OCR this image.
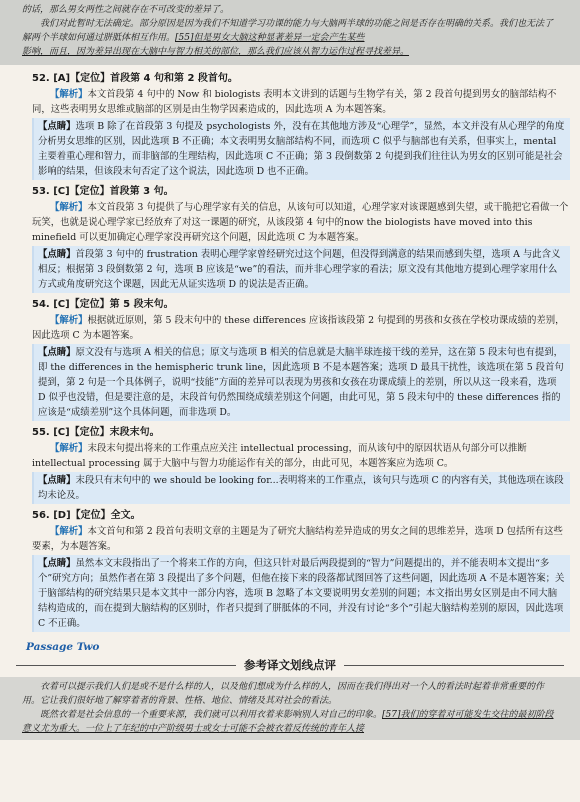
的话，那么男女两性之间就存在不可改变的差异了。

我们对此暂时无法确定。部分原因是因为我们不知道学习功课的能力与大脑两半球的功能之间是否存在明确的关系。我们也无法了解两个半球如何通过胼胝体相互作用。[55]但是男女大脑这种显著差异一定会产生某些

影响，而且，因为差异出现在大脑中与智力相关的部位，那么我们应该从智力运作过程寻找差异。

52. [A]【定位】首段第 4 句和第 2 段首句。
【解析】本文首段第 4 句中的 Now 和 biologists 表明本文讲到的话题与生物学有关，第 2 段首句提到男女的脑部结构不同，这些表明男女思维或脑部的区别是由生物学因素造成的，因此选项 A 为本题答案。
【点睛】选项 B 除了在首段第 3 句提及 psychologists 外，没有在其他地方涉及“心理学”，显然，本文并没有从心理学的角度分析男女思维的区别，因此选项 B 不正确；本文表明男女脑部结构不同，而选项 C 似乎与脑部也有关系，但事实上，mental 主要着重心理和智力，而非脑部的生理结构，因此选项 C 不正确；第 3 段倒数第 2 句提到我们往往认为男女的区别可能是社会影响的结果，但该段末句否定了这个说法，因此选项 D 也不正确。
53. [C]【定位】首段第 3 句。
【解析】本文首段第 3 句提供了与心理学家有关的信息，从该句可以知道，心理学家对该课题感到失望，或干脆把它看做一个玩笑，也就是说心理学家已经放弃了对这一课题的研究，从该段第 4 句中的now the biologists have moved into this minefield 可以更加确定心理学家没再研究这个问题，因此选项 C 为本题答案。
【点睛】首段第 3 句中的 frustration 表明心理学家曾经研究过这个问题，但没得到满意的结果而感到失望，选项 A 与此含义相反；根据第 3 段倒数第 2 句，选项 B 应该是“we”的看法，而并非心理学家的看法；原文没有其他地方提到心理学家用什么方式或角度研究这个课题，因此无从证实选项 D 的说法是否正确。
54. [C]【定位】第 5 段末句。
【解析】根据就近原则，第 5 段末句中的 these differences 应该指该段第 2 句提到的男孩和女孩在学校功课成绩的差别，因此选项 C 为本题答案。
【点睛】原文没有与选项 A 相关的信息；原文与选项 B 相关的信息就是大脑半球连接干线的差异，这在第 5 段末句也有提到，即 the differences in the hemispheric trunk line，因此选项 B 不是本题答案；选项 D 最具干扰性，该选项在第 5 段首句提到，第 2 句是一个具体例子，说明“技能”方面的差异可以表现为男孩和女孩在功课成绩上的差别，所以从这一段来看，选项 D 似乎也没错，但是要注意的是，末段首句仍然围绕成绩差别这个问题，由此可见，第 5 段末句中的 these differences 指的应该是“成绩差别”这个具体问题，而非选项 D。
55. [C]【定位】末段末句。
【解析】末段末句提出将来的工作重点应关注 intellectual processing，而从该句中的原因状语从句部分可以推断 intellectual processing 属于大脑中与智力功能运作有关的部分，由此可见，本题答案应为选项 C。
【点睛】末段只有末句中的 we should be looking for...表明将来的工作重点，该句只与选项 C 的内容有关，其他选项在该段均未论及。
56. [D]【定位】全文。
【解析】本文首句和第 2 段首句表明文章的主题是为了研究大脑结构差异造成的男女之间的思维差异，选项 D 包括所有这些要素，为本题答案。
【点睛】虽然本文末段指出了一个将来工作的方向，但这只针对最后两段提到的“智力”问题提出的，并不能表明本文提出“多个”研究方向；虽然作者在第 3 段提出了多个问题，但他在接下来的段落都试图回答了这些问题，因此选项 A 不是本题答案；关于脑部结构的研究结果只是本文其中一部分内容，选项 B 忽略了本文要说明男女差别的问题；本文指出男女区别是由不同大脑结构造成的，而在提到大脑结构的区别时，作者只提到了胼胝体的不同，并没有讨论“多个”引起大脑结构差别的原因，因此选项 C 不正确。
Passage Two
参考译文划线点评

衣着可以提示我们人们是或不是什么样的人，以及他们想成为什么样的人，因而在我们得出对一个人的看法时起着非常重要的作用。它让我们很好地了解穿着者的背景、性格、地位、情绪及其对社会的看法。

既然衣着是社会信息的一个重要来源，我们就可以利用衣着来影响别人对自己的印象。[57]我们的穿着对可能发生交往的最初阶段意义尤为重大。一位上了年纪的中产阶级男士或女士可能不会被衣着反传统的青年人接
